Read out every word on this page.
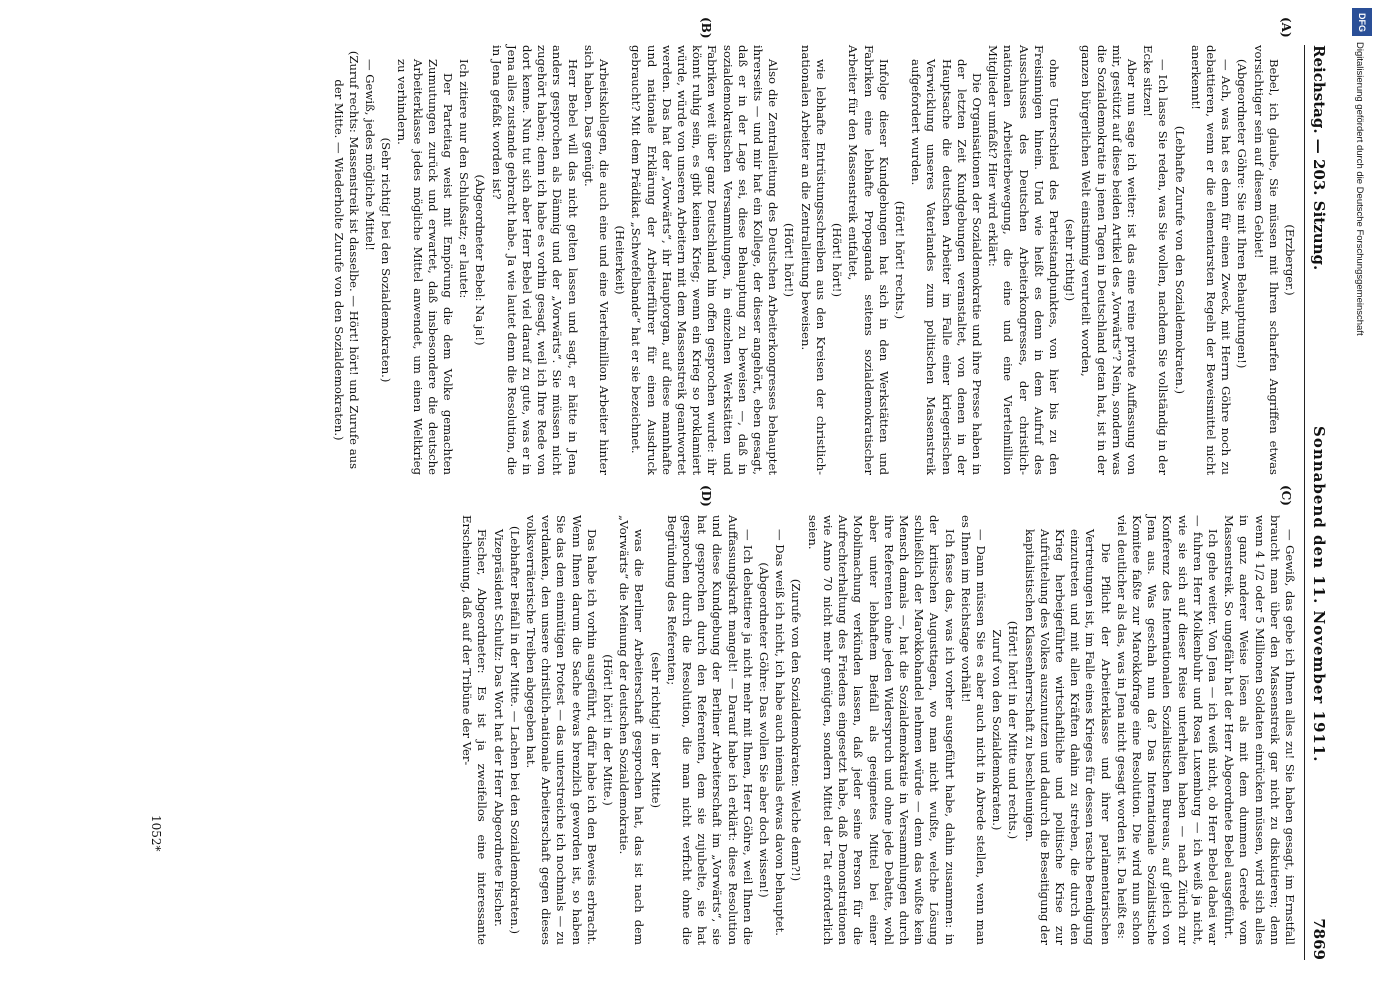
Reichstag. — 203. Sitzung.
Sonnabend den 11. November 1911.
7869
(A)
(B)
(C)
(D)

(Erzberger.)

Bebel, ich glaube, Sie müssen mit Ihren scharfen Angriffen etwas vorsichtiger sein auf diesem Gebiet!

(Abgeordneter Göhre: Sie mit Ihren Behauptungen!)

— Ach, was hat es denn für einen Zweck, mit Herrn Göhre noch zu debattieren, wenn er die elementarsten Regeln der Beweismittel nicht anerkennt!

(Lebhafte Zurufe von den Sozialdemokraten.)

— Ich lasse Sie reden, was Sie wollen, nachdem Sie vollständig in der Ecke sitzen!

Aber nun sage ich weiter: ist das eine reine private Auffassung von mir, gestützt auf diese beiden Artikel des „Vorwärts“? Nein, sondern was die Sozialdemokratie in jenen Tagen in Deutschland getan hat, ist in der ganzen bürgerlichen Welt einstimmig verurteilt worden,

(sehr richtig!)

ohne Unterschied des Parteistandpunktes, von hier bis zu den Freisinnigen hinein. Und wie heißt es denn in dem Aufruf des Ausschusses des Deutschen Arbeiterkongresses, der christlich-nationalen Arbeiterbewegung, die eine und eine Viertelmillion Mitglieder umfaßt? Hier wird erklärt:

Die Organisationen der Sozialdemokratie und ihre Presse haben in der letzten Zeit Kundgebungen veranstaltet, von denen in der Hauptsache die deutschen Arbeiter im Falle einer kriegerischen Verwicklung unseres Vaterlandes zum politischen Massenstreik aufgefordert wurden.

(Hört! hört! rechts.)

Infolge dieser Kundgebungen hat sich in den Werkstätten und Fabriken eine lebhafte Propaganda seitens sozialdemokratischer Arbeiter für den Massenstreik entfaltet,

(Hört! hört!)

wie lebhafte Entrüstungsschreiben aus den Kreisen der christlich-nationalen Arbeiter an die Zentralleitung beweisen.

(Hört! hört!)

Also die Zentralleitung des Deutschen Arbeiterkongresses behauptet ihrerseits — und mir hat ein Kollege, der dieser angehört, eben gesagt, daß er in der Lage sei, diese Behauptung zu beweisen —, daß in sozialdemokratischen Versammlungen, in einzelnen Werkstätten und Fabriken weit über ganz Deutschland hin offen gesprochen wurde: ihr könnt ruhig sein, es gibt keinen Krieg; wenn ein Krieg so proklamiert würde, würde von unseren Arbeitern mit dem Massenstreik geantwortet werden. Das hat der „Vorwärts“, ihr Hauptorgan, auf diese mannhafte und nationale Erklärung der Arbeiterführer für einen Ausdruck gebraucht? Mit dem Prädikat „Schwefelbande“ hat er sie bezeichnet.

(Heiterkeit)

Arbeitskollegen, die auch eine und eine Viertelmillion Arbeiter hinter sich haben. Das genügt.

Herr Bebel will das nicht gelten lassen und sagt, er hätte in Jena anders gesprochen als Dänmig und der „Vorwärts“. Sie müssen nicht zugehört haben; denn ich habe es vorhin gesagt, weil ich Ihre Rede von dort kenne. Nun tut sich aber Herr Bebel viel darauf zu gute, was er in Jena alles zustande gebracht habe. Ja wie lautet denn die Resolution, die in Jena gefaßt worden ist?

(Abgeordneter Bebel: Na ja!)

Ich zitiere nur den Schlußsatz; er lautet:

Der Parteitag weist mit Empörung die dem Volke gemachten Zumutungen zurück und erwartet, daß insbesondere die deutsche Arbeiterklasse jedes mögliche Mittel anwendet, um einen Weltkrieg zu verhindern.

(Sehr richtig! bei den Sozialdemokraten.)

— Gewiß, jedes mögliche Mittel!

(Zuruf rechts: Massenstreik ist dasselbe. — Hört! hört! und Zurufe aus der Mitte. — Wiederholte Zurufe von den Sozialdemokraten.)

— Gewiß, das gebe ich Ihnen alles zu! Sie haben gesagt, im Ernstfall braucht man über den Massenstreik gar nicht zu diskutieren; denn wenn 4 1/2 oder 5 Millionen Soldaten einrücken müssen, wird sich alles in ganz anderer Weise lösen als mit dem dummen Gerede vom Massenstreik. So ungefähr hat der Herr Abgeordnete Bebel ausgeführt.

Ich gehe weiter. Von Jena — ich weiß nicht, ob Herr Bebel dabei war — fuhren Herr Molkenbuhr und Rosa Luxemburg — ich weiß ja nicht, wie sie sich auf dieser Reise unterhalten haben — nach Zürich zur Konferenz des Internationalen Sozialistischen Bureaus, auf gleich von Jena aus. Was geschah nun da? Das Internationale Sozialistische Komitee faßte zur Marokkofrage eine Resolution. Die wird nun schon viel deutlicher als das, was in Jena nicht gesagt worden ist. Da heißt es:

Die Pflicht der Arbeiterklasse und ihrer parlamentarischen Vertretungen ist, im Falle eines Krieges für dessen rasche Beendigung einzutreten und mit allen Kräften dahin zu streben, die durch den Krieg herbeigeführte wirtschaftliche und politische Krise zur Aufrüttelung des Volkes auszunutzen und dadurch die Beseitigung der kapitalistischen Klassenherrschaft zu beschleunigen.

(Hört! hört! in der Mitte und rechts.)

Zuruf von den Sozialdemokraten.)

— Dann müssen Sie es aber auch nicht in Abrede stellen, wenn man es Ihnen im Reichstage vorhält!

Ich fasse das, was ich vorher ausgeführt habe, dahin zusammen: in der kritischen Augusttagen, wo man nicht wußte, welche Lösung schließlich der Marokkohandel nehmen würde — denn das wußte kein Mensch damals —, hat die Sozialdemokratie in Versammlungen durch ihre Referenten ohne jeden Widerspruch und ohne jede Debatte, wohl aber unter lebhaftem Beifall als geeignetes Mittel bei einer Mobilmachung verkünden lassen, daß jeder seine Person für die Aufrechterhaltung des Friedens eingesetzt habe, daß Demonstrationen wie Anno 70 nicht mehr genügten, sondern Mittel der Tat erforderlich seien.

(Zurufe von den Sozialdemokraten: Welche denn?!)

— Das weiß ich nicht, ich habe auch niemals etwas davon behauptet.

(Abgeordneter Göhre: Das wollen Sie aber doch wissen!)

— Ich debattiere ja nicht mehr mit Ihnen, Herr Göhre, weil Ihnen die Auffassungskraft mangelt! — Darauf habe ich erklärt: diese Resolution und diese Kundgebung der Berliner Arbeiterschaft im „Vorwärts“, sie hat gesprochen durch den Referenten, dem sie zujubelte, sie hat gesprochen durch die Resolution, die man nicht verficht ohne die Begründung des Referenten;

(sehr richtig! in der Mitte)

was die Berliner Arbeiterschaft gesprochen hat, das ist nach dem „Vorwärts“ die Meinung der deutschen Sozialdemokratie.

(Hört! hört! in der Mitte.)

Das habe ich vorhin ausgeführt, dafür habe ich den Beweis erbracht. Wenn Ihnen darum die Sache etwas brenzlich geworden ist, so haben Sie das dem einmütigen Protest — das unterstreiche ich nochmals — zu verdanken, den unsere christlich-nationale Arbeiterschaft gegen dieses volksverräterische Treiben abgegeben hat.

(Lebhafter Beifall in der Mitte. — Lachen bei den Sozialdemokraten.)

Vizepräsident Schultz: Das Wort hat der Herr Abgeordnete Fischer.

Fischer, Abgeordneter: Es ist ja zweifellos eine interessante Erscheinung, daß auf der Tribüne der Ver-

1052*
DFG
Digitalisierung gefördert durch die Deutsche Forschungsgemeinschaft
